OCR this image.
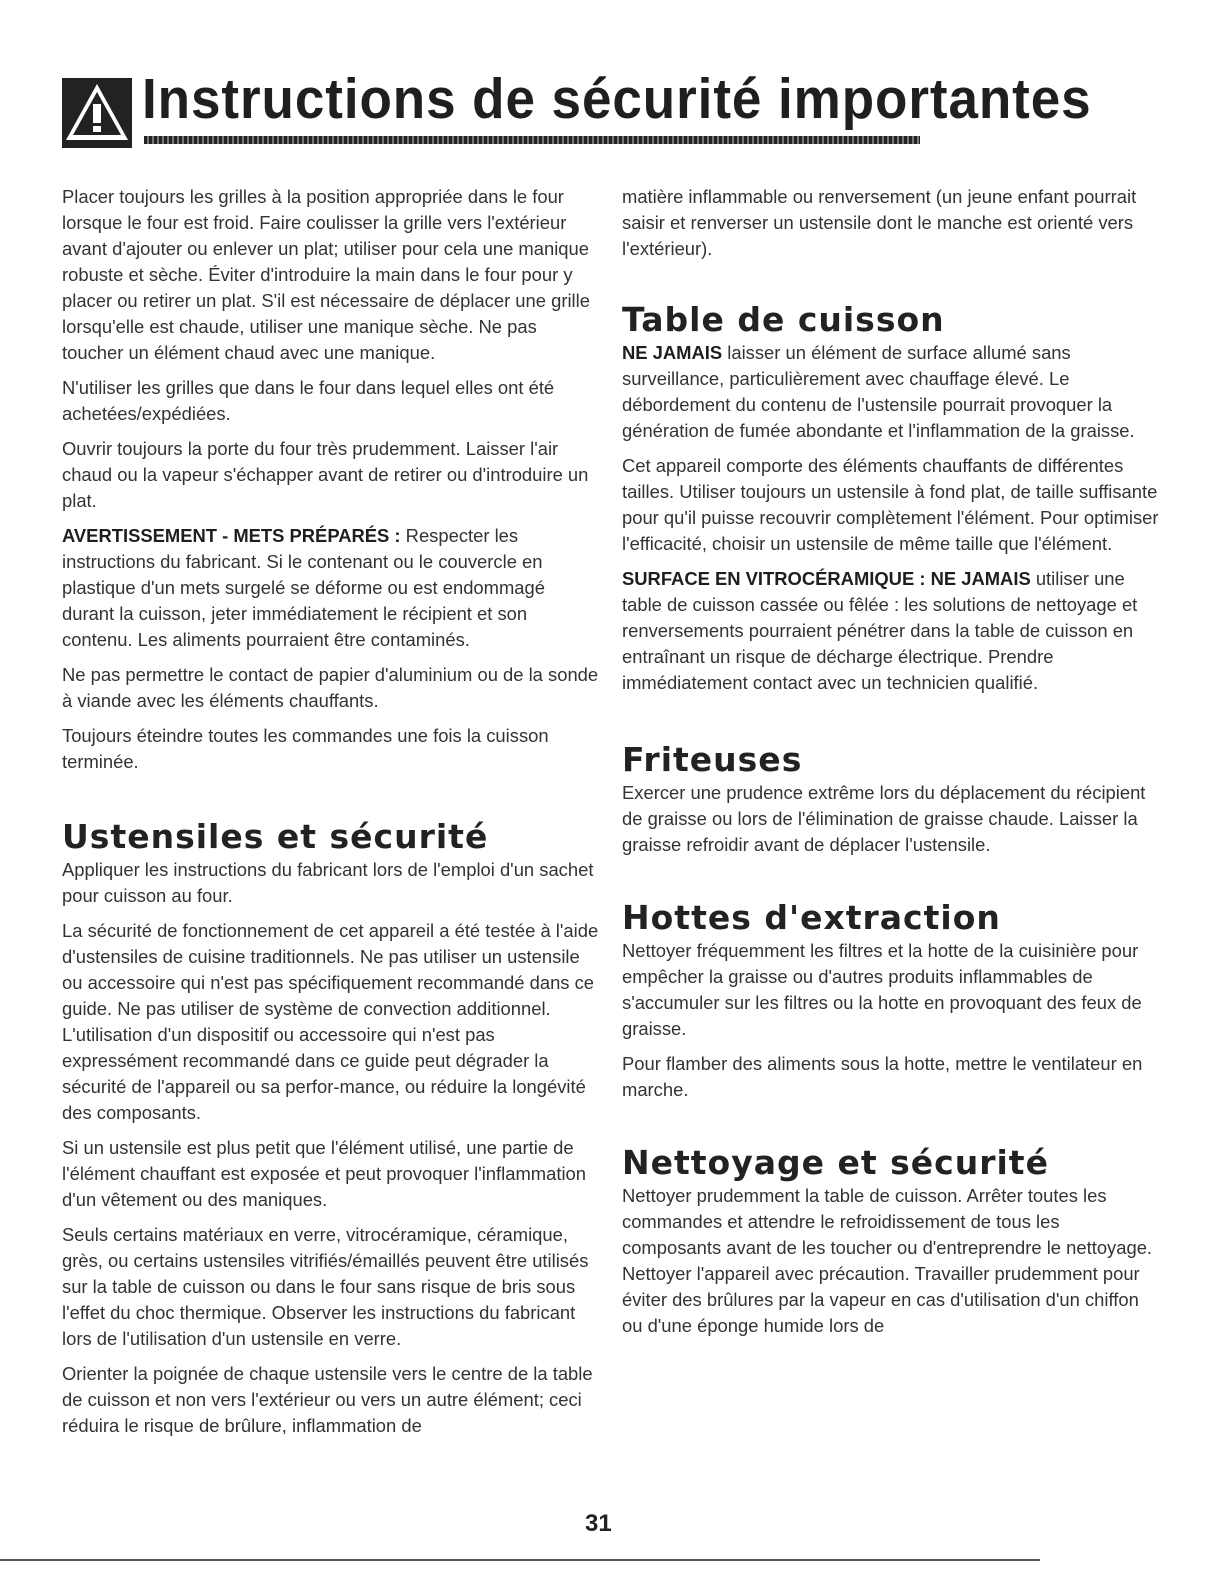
Instructions de sécurité importantes

Placer toujours les grilles à la position appropriée dans le four lorsque le four est froid. Faire coulisser la grille vers l'extérieur avant d'ajouter ou enlever un plat; utiliser pour cela une manique robuste et sèche. Éviter d'introduire la main dans le four pour y placer ou retirer un plat. S'il est nécessaire de déplacer une grille lorsqu'elle est chaude, utiliser une manique sèche. Ne pas toucher un élément chaud avec une manique.

N'utiliser les grilles que dans le four dans lequel elles ont été achetées/expédiées.

Ouvrir toujours la porte du four très prudemment. Laisser l'air chaud ou la vapeur s'échapper avant de retirer ou d'introduire un plat.

AVERTISSEMENT - METS PRÉPARÉS : Respecter les instructions du fabricant. Si le contenant ou le couvercle en plastique d'un mets surgelé se déforme ou est endommagé durant la cuisson, jeter immédiatement le récipient et son contenu. Les aliments pourraient être contaminés.

Ne pas permettre le contact de papier d'aluminium ou de la sonde à viande avec les éléments chauffants.

Toujours éteindre toutes les commandes une fois la cuisson terminée.

Ustensiles et sécurité

Appliquer les instructions du fabricant lors de l'emploi d'un sachet pour cuisson au four.

La sécurité de fonctionnement de cet appareil a été testée à l'aide d'ustensiles de cuisine traditionnels. Ne pas utiliser un ustensile ou accessoire qui n'est pas spécifiquement recommandé dans ce guide. Ne pas utiliser de système de convection additionnel. L'utilisation d'un dispositif ou accessoire qui n'est pas expressément recommandé dans ce guide peut dégrader la sécurité de l'appareil ou sa perfor-mance, ou réduire la longévité des composants.

Si un ustensile est plus petit que l'élément utilisé, une partie de l'élément chauffant est exposée et peut provoquer l'inflammation d'un vêtement ou des maniques.

Seuls certains matériaux en verre, vitrocéramique, céramique, grès, ou certains ustensiles vitrifiés/émaillés peuvent être utilisés sur la table de cuisson ou dans le four sans risque de bris sous l'effet du choc thermique. Observer les instructions du fabricant lors de l'utilisation d'un ustensile en verre.

Orienter la poignée de chaque ustensile vers le centre de la table de cuisson et non vers l'extérieur ou vers un autre élément; ceci réduira le risque de brûlure, inflammation de

matière inflammable ou renversement (un jeune enfant pourrait saisir et renverser un ustensile dont le manche est orienté vers l'extérieur).

Table de cuisson

NE JAMAIS laisser un élément de surface allumé sans surveillance, particulièrement avec chauffage élevé. Le débordement du contenu de l'ustensile pourrait provoquer la génération de fumée abondante et l'inflammation de la graisse.

Cet appareil comporte des éléments chauffants de différentes tailles. Utiliser toujours un ustensile à fond plat, de taille suffisante pour qu'il puisse recouvrir complètement l'élément. Pour optimiser l'efficacité, choisir un ustensile de même taille que l'élément.

SURFACE EN VITROCÉRAMIQUE : NE JAMAIS utiliser une table de cuisson cassée ou fêlée : les solutions de nettoyage et renversements pourraient pénétrer dans la table de cuisson en entraînant un risque de décharge électrique. Prendre immédiatement contact avec un technicien qualifié.

Friteuses

Exercer une prudence extrême lors du déplacement du récipient de graisse ou lors de l'élimination de graisse chaude. Laisser la graisse refroidir avant de déplacer l'ustensile.

Hottes d'extraction

Nettoyer fréquemment les filtres et la hotte de la cuisinière pour empêcher la graisse ou d'autres produits inflammables de s'accumuler sur les filtres ou la hotte en provoquant des feux de graisse.

Pour flamber des aliments sous la hotte, mettre le ventilateur en marche.

Nettoyage et sécurité

Nettoyer prudemment la table de cuisson. Arrêter toutes les commandes et attendre le refroidissement de tous les composants avant de les toucher ou d'entreprendre le nettoyage. Nettoyer l'appareil avec précaution. Travailler prudemment pour éviter des brûlures par la vapeur en cas d'utilisation d'un chiffon ou d'une éponge humide lors de

31
